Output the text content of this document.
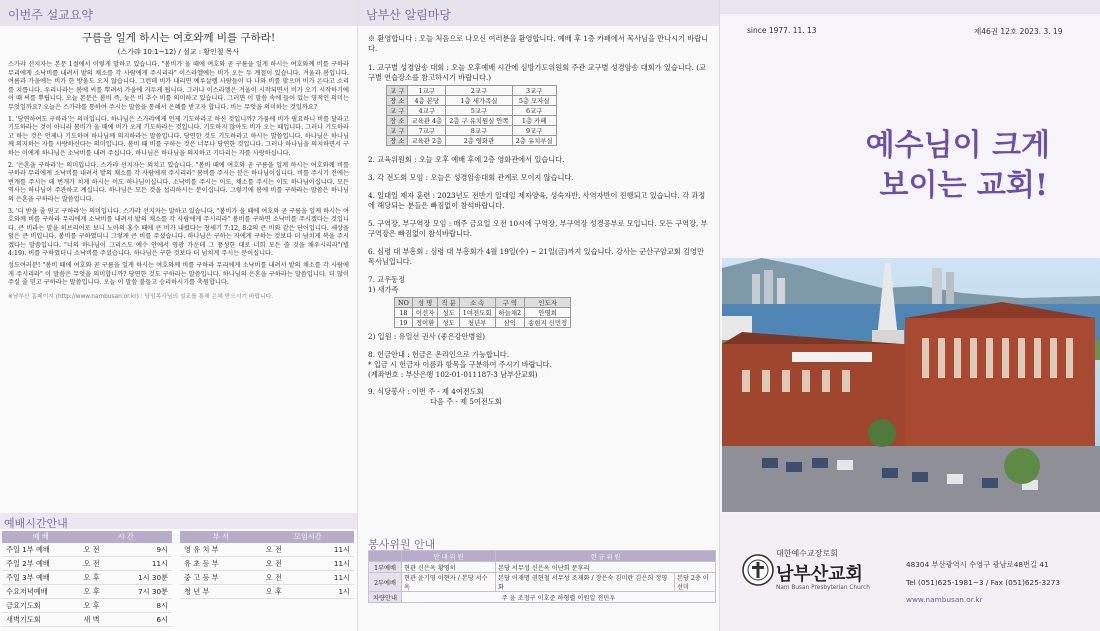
이번주 설교요약
구름을 일게 하시는 여호와께 비를 구하라!
(스가랴 10:1~12) / 설교 : 황인철 목사

스가랴 선지자는 본문 1절에서 이렇게 말하고 있습니다. "봄비가 올 때에 여호와 곧 구름을 일게 하시는 여호와께 비를 구하라 무리에게 소낙비를 내려서 밭의 채소를 각 사람에게 주시리라" 이스라엘에는 비가 오는 두 계절이 있습니다. 겨울과 봄입니다. 여름과 가을에는 비가 한 방울도 오지 않습니다. 그런데 비가 내리면 예루살렘 사람들이 다 나와 비를 맞으며 비가 온다고 소리를 지릅니다. 우리나라는 봄에 씨를 뿌려서 가을에 거두게 됩니다. 그러나 이스라엘은 겨울이 시작되면서 비가 오기 시작하기에 이 때 씨를 뿌립니다. 오늘 본문은 봄비 즉, 늦은 비 추수 비를 의미하고 있습니다. 그러면 이 말씀 속에 들어 있는 영적인 의미는 무엇일까요? 오늘은 스가랴를 통하여 주시는 말씀을 통해서 은혜를 받고자 합니다. 비는 무엇을 의미하는 것일까요?

1. '당연하여도 구하라'는 의미입니다. 하나님은 스가랴에게 언제 기도하라고 하신 것입니까? 가뭄에 비가 필요하니 비를 달라고 기도하라는 것이 아니라 봄비가 올 때에 비가 오게 기도하라는 것입니다. 기도하지 않아도 비가 오는 때입니다. 그러나 기도하라고 하는 것은 언제나 기도하며 하나님께 의지하라는 말씀입니다. 당연한 것도 기도하라고 하시는 말씀입니다. 하나님은 하나님께 의지하는 자를 사랑하신다는 의미입니다. 봄비 때 비를 구하는 것은 너무나 당연한 것입니다. 그러나 하나님을 의지하면서 구하는 이에게 하나님은 소낙비를 내려 주십니다. 하나님은 하나님을 의지하고 기다리는 자를 사랑하십니다.

2. '은혼을 구하라'는 의미입니다. 스가랴 선지자는 외치고 있습니다. "봄비 때에 여호와 곧 구름을 일게 하시는 여호와께 비를 구하라 무리에게 소낙비를 내려서 밭의 채소를 각 사람에게 주시리라" 봄비를 주시는 분은 하나님이십니다. 비를 주시기 전에는 번개를 주시는 데 번개가 치게 하시는 이도 하나님이십니다. 소낙비를 주시는 이도, 채소를 주시는 이도 하나님이십니다. 모든 역사는 하나님이 주관하고 계십니다. 하나님은 모든 것을 섭리하시는 분이십니다. 그렇기에 봄에 비를 구하라는 말씀은 하나님의 은혼을 구하라는 말씀입니다.

3. '더 받을 줄 믿고 구하라'는 의미입니다. 스가랴 선지자는 말하고 있습니다. "봄비가 올 때에 여호와 곧 구름을 일게 하시는 여호와께 비를 구하라 무리에게 소낙비를 내려서 밭의 채소를 각 사람에게 주시리라" 봄비를 구하면 소낙비를 주시겠다는 것입니다. 큰 비라는 말을 히브리어로 보니 노아의 홍수 때에 큰 비가 내렸다는 창세기 7:12, 8:2의 큰 비와 같은 단어입니다. 세상을 덮은 큰 비입니다. 봄비를 구하였더니 그렇게 큰 비를 주셨습니다. 하나님은 구하는 자에게 구하는 것보다 더 넘치게 복을 주시겠다는 말씀입니다. "너의 하나님이 그리스도 예수 안에서 영광 가운데 그 풍성한 대로 너희 모든 쓸 것을 채우시리라"(빌 4:19). 비를 구하였더니 소낙비를 주셨습니다. 하나님은 구한 것보다 더 넘치게 주시는 분이십니다.

성도여러분! "봄비 때에 여호와 곧 구름을 일게 하시는 여호와께 비를 구하라 무리에게 소낙비를 내려서 밭의 채소를 각 사람에게 주시리라" 이 말씀은 무엇을 의미합니까? 당연한 것도 구하라는 말씀입니다. 하나님의 은혼을 구하라는 말씀입니다. 더 많이 주실 줄 믿고 구하라는 말씀입니다. 오늘 이 말씀 붙들고 승리하시기를 축원합니다.

※남부산 홈페이지 (http://www.nambusan.or.kr) : 담임목사님의 설교를 통해 은혜 받으시기 바랍니다.
예배시간안내
예 배	시 간	
주일 1부 예배	오 전	9시
주일 2부 예배	오 전	11시
주일 3부 예배	오 후	1시 30분
수요저녁예배	오 후	7시 30분
금요기도회	오 후	8시
새벽기도회	새 벽	6시
부 서	모임시간	
영 유 치 부	오 전	11시
유 초 등 부	오 전	11시
중 고 등 부	오 전	11시
청 년 부	오 후	1시
남부산 알림마당
※ 환영합니다 : 오늘 처음으로 나오신 여러분을 환영합니다. 예배 후 1층 카페에서 목사님을 만나시기 바랍니다.
1. 교구별 성경암송 대회 : 오늘 오후예배 시간에 심방기도위원회 주관 교구별 성경암송 대회가 있습니다. (교구별 연습장소를 참고하시기 바랍니다.)
교 구	1교구	2교구	3교구
장 소	4층 본당	1층 새가족실	5층 모자실
교 구	4교구	5교구	6교구
장 소	교육관 4층	2층 구 유치원실 안쪽	1층 카페
교 구	7교구	8교구	9교구
장 소	교육관 2층	2층 영화관	2층 유치부실
2. 교육위원회 : 오늘 오후 예배 후에 2층 영화관에서 있습니다.
3. 각 전도회 모임 : 오늘은 성경암송대회 관계로 모이지 않습니다.
4. 일대일 제자 훈련 : 2023년도 전반기 일대일 제자양육, 성숙자반, 사역자반이 진행되고 있습니다. 각 과정에 해당되는 분들은 빠짐없이 참석바랍니다.
5. 구역장, 부구역장 모임 : 매주 금요일 오전 10시에 구역장, 부구역장 성경공부로 모입니다. 모든 구역장, 부구역장은 빠짐없이 참석바랍니다.
6. 심령 대 부흥회 : 심령 대 부흥회가 4월 19일(수) ~ 21일(금)까지 있습니다. 강사는 군산구암교회 김영만 목사님입니다.
7. 교우동정
1) 새가족
NO	성 명	직 분	소 속	구 역	인도자
18	이선자	성도	1여전도회	하늘채2	안명희
19	정이환	성도	청년부	삼익	송현지 신민정
2) 입원 : 유일선 권사 (좋은강안병원)
8. 헌금안내 : 헌금은 온라인으로 가능합니다.
* 입금 시 헌금자 이름과 항목을 구분하여 주시기 바랍니다.
(계좌번호 : 부산은행 102-01-011187-3 남부산교회)
9. 식당봉사 : 이번 주 - 제 4여전도회
다음 주 - 제 5여전도회
봉사위원 안내
	안 내 위 원	헌 금 위 원	
1부예배	현관 신은옥 황영히	본당 서무성 신은옥 이난희 문후리	
2부예배	현관 윤기영 이현자 / 본당 서수옥	본당 이재명 권현철 서무성 조재화 / 장은숙 김미란 김은희 정영화	본당 2층 이선미
차량안내	주 윤 조정구 이호준 하형렬 이원일 전민우		
since 1977. 11. 13	제46권 12호 2023. 3. 19
예수님이 크게
보이는 교회!
대한예수교장로회
남부산교회
Nam Busan Presbyterian Church
48304 부산광역시 수영구 광남로48번길 41
Tel (051)625-1981~3 / Fax (051)625-3273
www.nambusan.or.kr
